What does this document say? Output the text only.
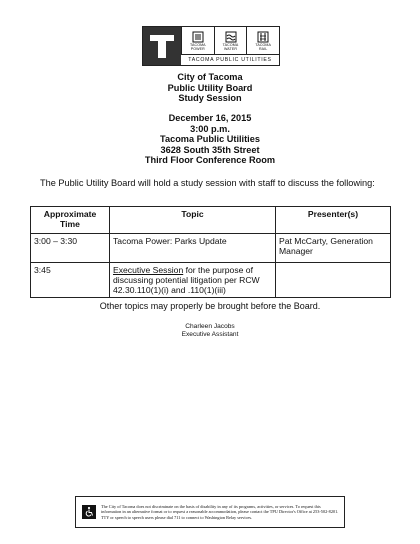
TACOMA
POWER
TACOMA
WATER
TACOMA
RAIL
TACOMA PUBLIC UTILITIES
City of Tacoma
Public Utility Board
Study Session
December 16, 2015
3:00 p.m.
Tacoma Public Utilities
3628 South 35th Street
Third Floor Conference Room
The Public Utility Board will hold a study session with staff to discuss the following:
Approximate Time	Topic	Presenter(s)
3:00 – 3:30	Tacoma Power: Parks Update	Pat McCarty, Generation Manager
3:45	Executive Session for the purpose of discussing potential litigation per RCW 42.30.110(1)(i) and .110(1)(iii)	
Other topics may properly be brought before the Board.
Charleen Jacobs
Executive Assistant
The City of Tacoma does not discriminate on the basis of disability in any of its programs, activities, or services. To request this information in an alternative format or to request a reasonable accommodation, please contact the TPU Director's Office at 253-502-8201. TTY or speech to speech users please dial 711 to connect to Washington Relay services.
